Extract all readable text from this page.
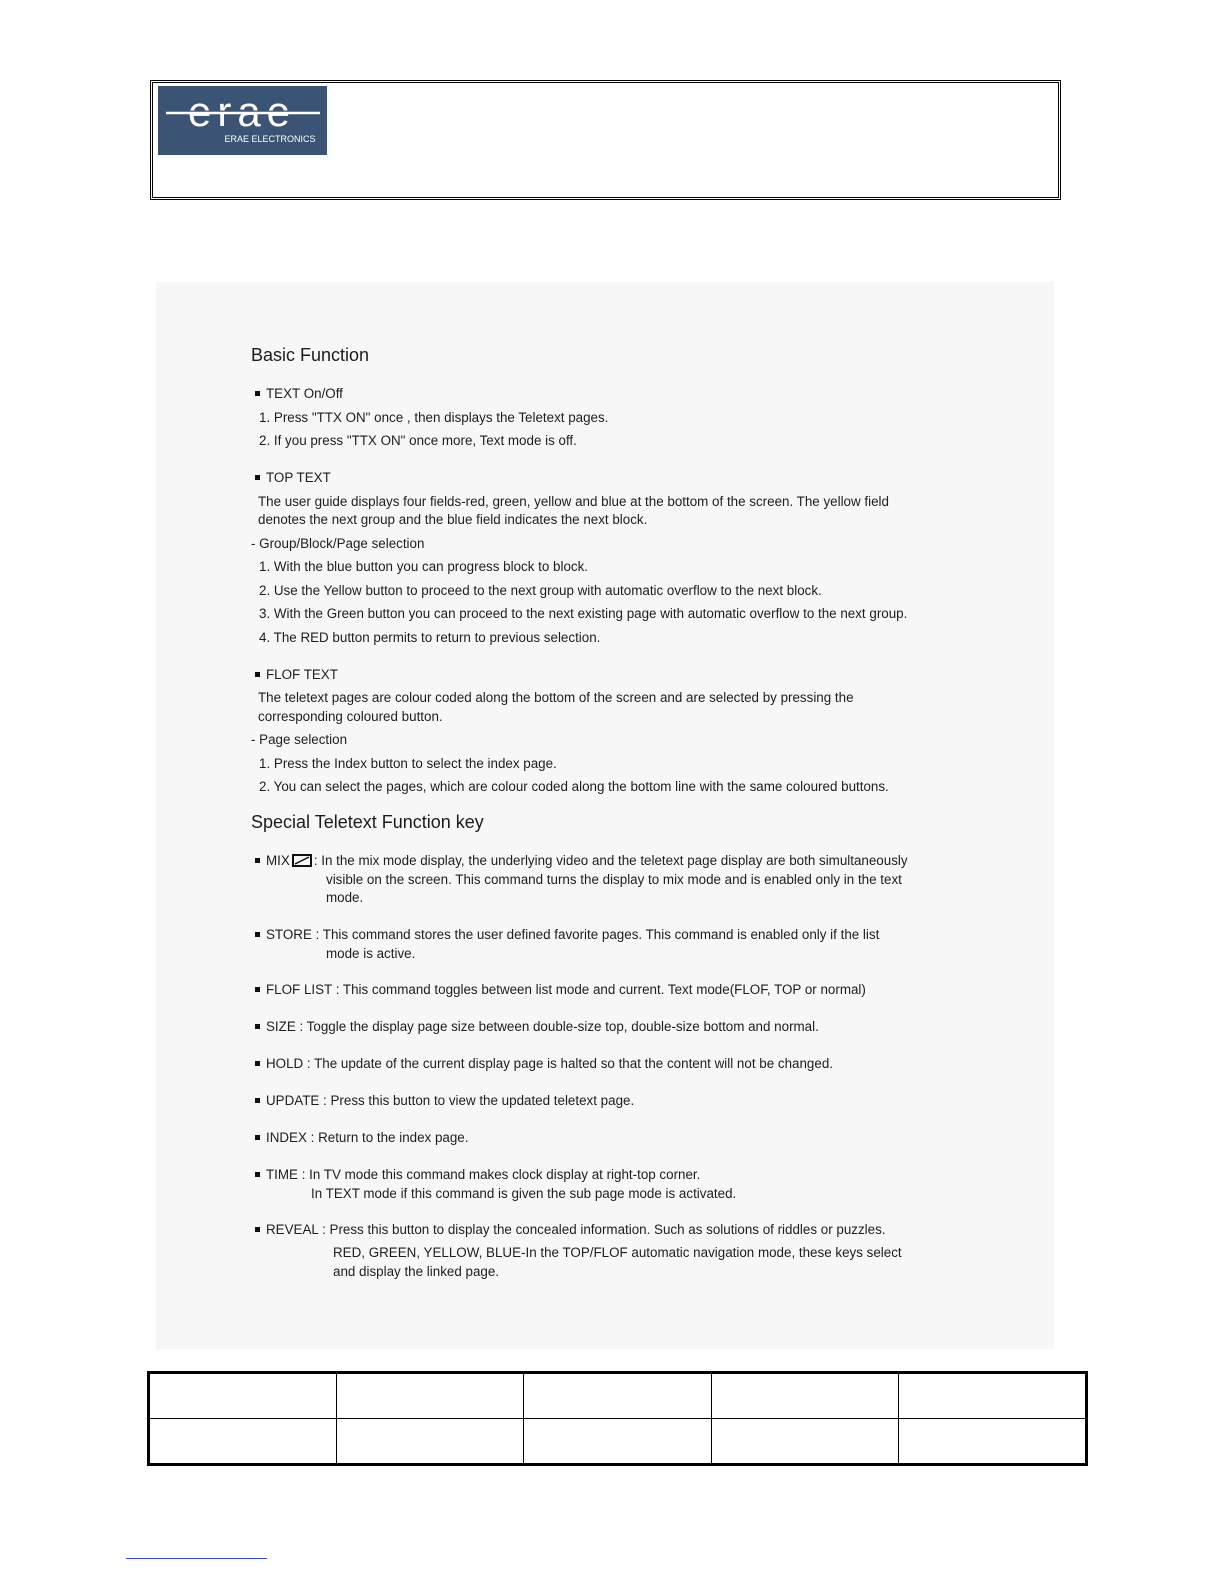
erae
ERAE ELECTRONICS
Basic Function
TEXT On/Off
1. Press "TTX ON" once , then displays the Teletext pages.
2. If you press "TTX ON" once more, Text mode is off.
TOP TEXT
The user guide displays four fields-red, green, yellow and blue at the bottom of the screen. The yellow field
denotes the next group and the blue field indicates the next block.
- Group/Block/Page selection
1. With the blue button you can progress block to block.
2. Use the Yellow button to proceed to the next group with automatic overflow to the next block.
3. With the Green button you can proceed to the next existing page with automatic overflow to the next group.
4. The RED button permits to return to previous selection.
FLOF TEXT
The teletext pages are colour coded along the bottom of the screen and are selected by pressing the
corresponding coloured button.
- Page selection
1. Press the Index button to select the index page.
2. You can select the pages, which are colour coded along the bottom line with the same coloured buttons.
Special Teletext Function key
MIX : In the mix mode display, the underlying video and the teletext page display are both simultaneously
visible on the screen. This command turns the display to mix mode and is enabled only in the text
mode.
STORE : This command stores the user defined favorite pages. This command is enabled only if the list
mode is active.
FLOF LIST : This command toggles between list mode and current. Text mode(FLOF, TOP or normal)
SIZE : Toggle the display page size between double-size top, double-size bottom and normal.
HOLD : The update of the current display page is halted so that the content will not be changed.
UPDATE : Press this button to view the updated teletext page.
INDEX : Return to the index page.
TIME : In TV mode this command makes clock display at right-top corner.
In TEXT mode if this command is given the sub page mode is activated.
REVEAL : Press this button to display the concealed information. Such as solutions of riddles or puzzles.
RED, GREEN, YELLOW, BLUE-In the TOP/FLOF automatic navigation mode, these keys select
and display the linked page.
